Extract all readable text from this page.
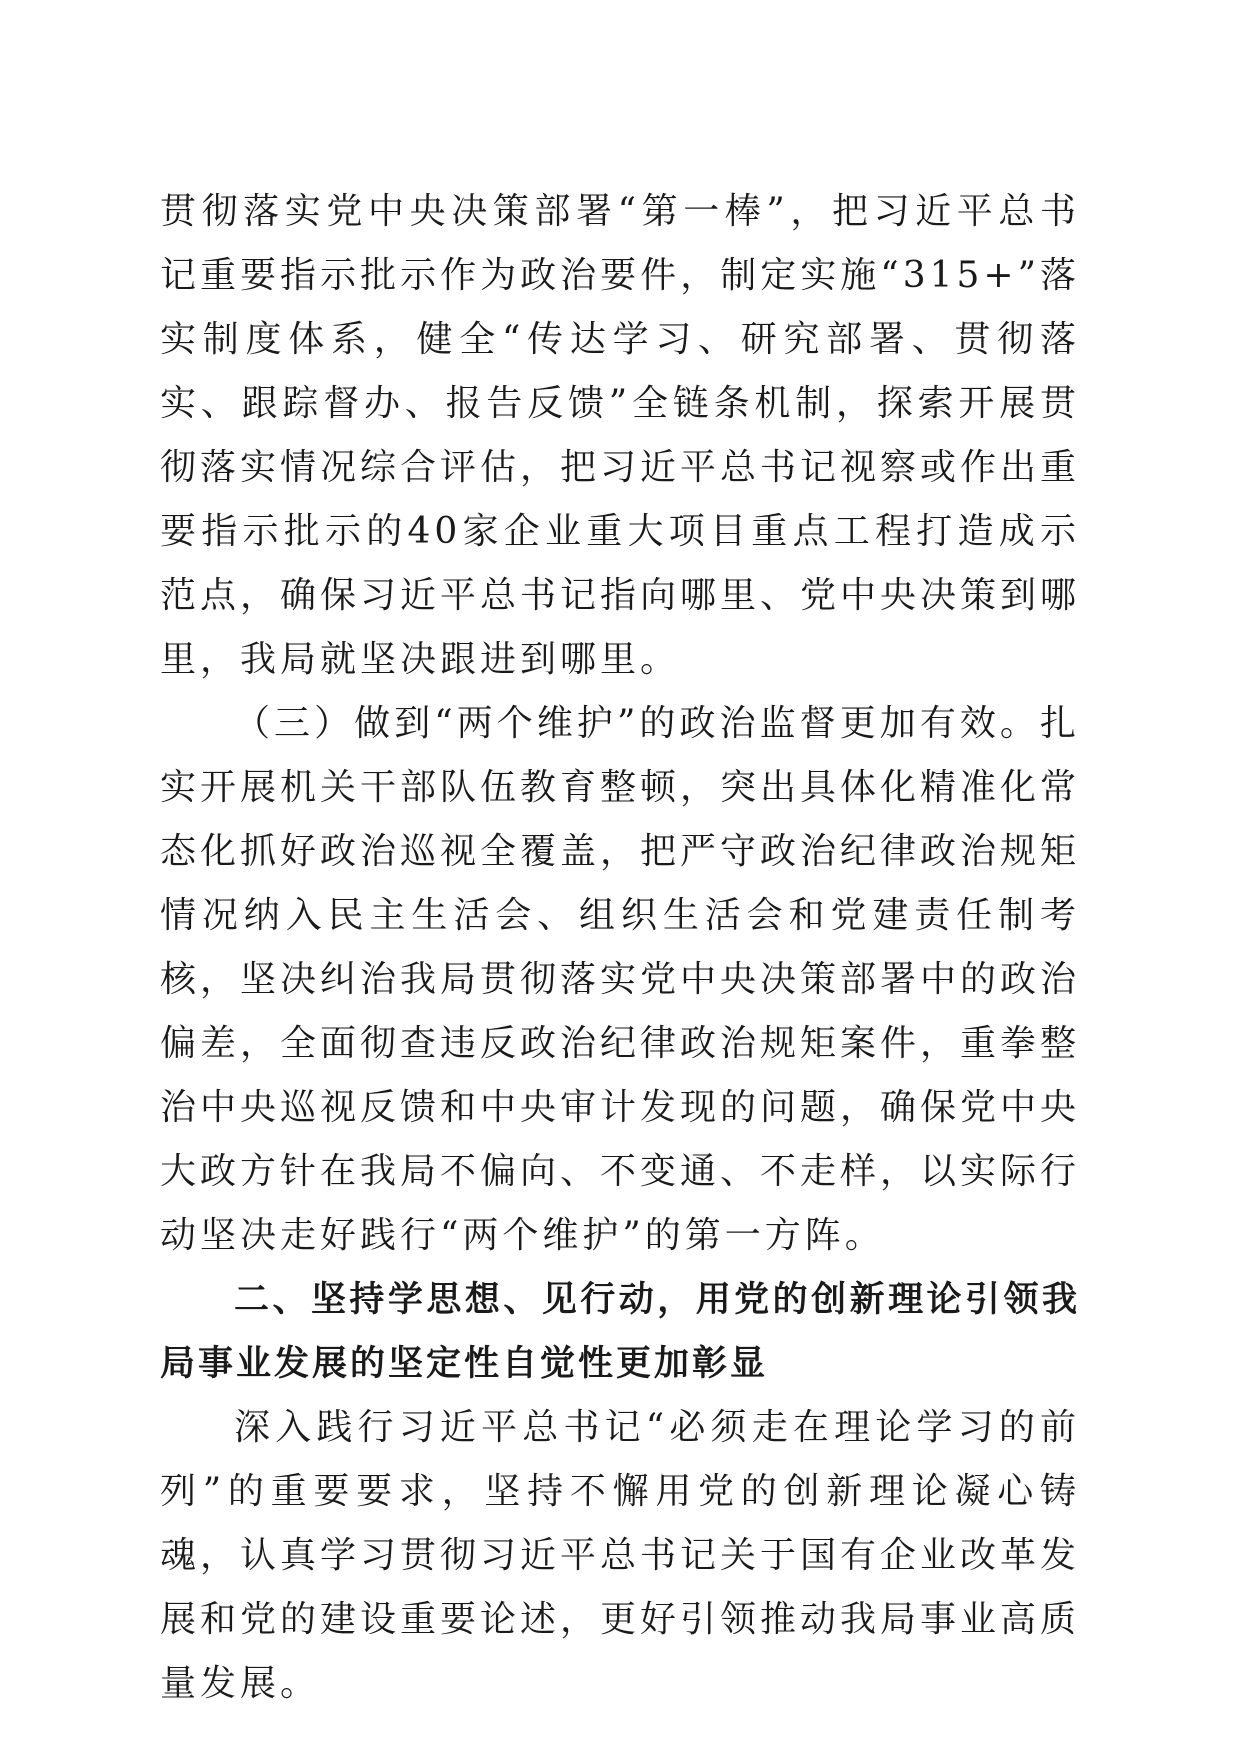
贯彻落实党中央决策部署“第一棒”，把习近平总书记重要指示批示作为政治要件，制定实施“315+”落实制度体系，健全“传达学习、研究部署、贯彻落实、跟踪督办、报告反馈”全链条机制，探索开展贯彻落实情况综合评估，把习近平总书记视察或作出重要指示批示的40家企业重大项目重点工程打造成示范点，确保习近平总书记指向哪里、党中央决策到哪里，我局就坚决跟进到哪里。

（三）做到“两个维护”的政治监督更加有效。扎实开展机关干部队伍教育整顿，突出具体化精准化常态化抓好政治巡视全覆盖，把严守政治纪律政治规矩情况纳入民主生活会、组织生活会和党建责任制考核，坚决纠治我局贯彻落实党中央决策部署中的政治偏差，全面彻查违反政治纪律政治规矩案件，重拳整治中央巡视反馈和中央审计发现的问题，确保党中央大政方针在我局不偏向、不变通、不走样，以实际行动坚决走好践行“两个维护”的第一方阵。

二、坚持学思想、见行动，用党的创新理论引领我局事业发展的坚定性自觉性更加彰显

深入践行习近平总书记“必须走在理论学习的前列”的重要要求，坚持不懈用党的创新理论凝心铸魂，认真学习贯彻习近平总书记关于国有企业改革发展和党的建设重要论述，更好引领推动我局事业高质量发展。
